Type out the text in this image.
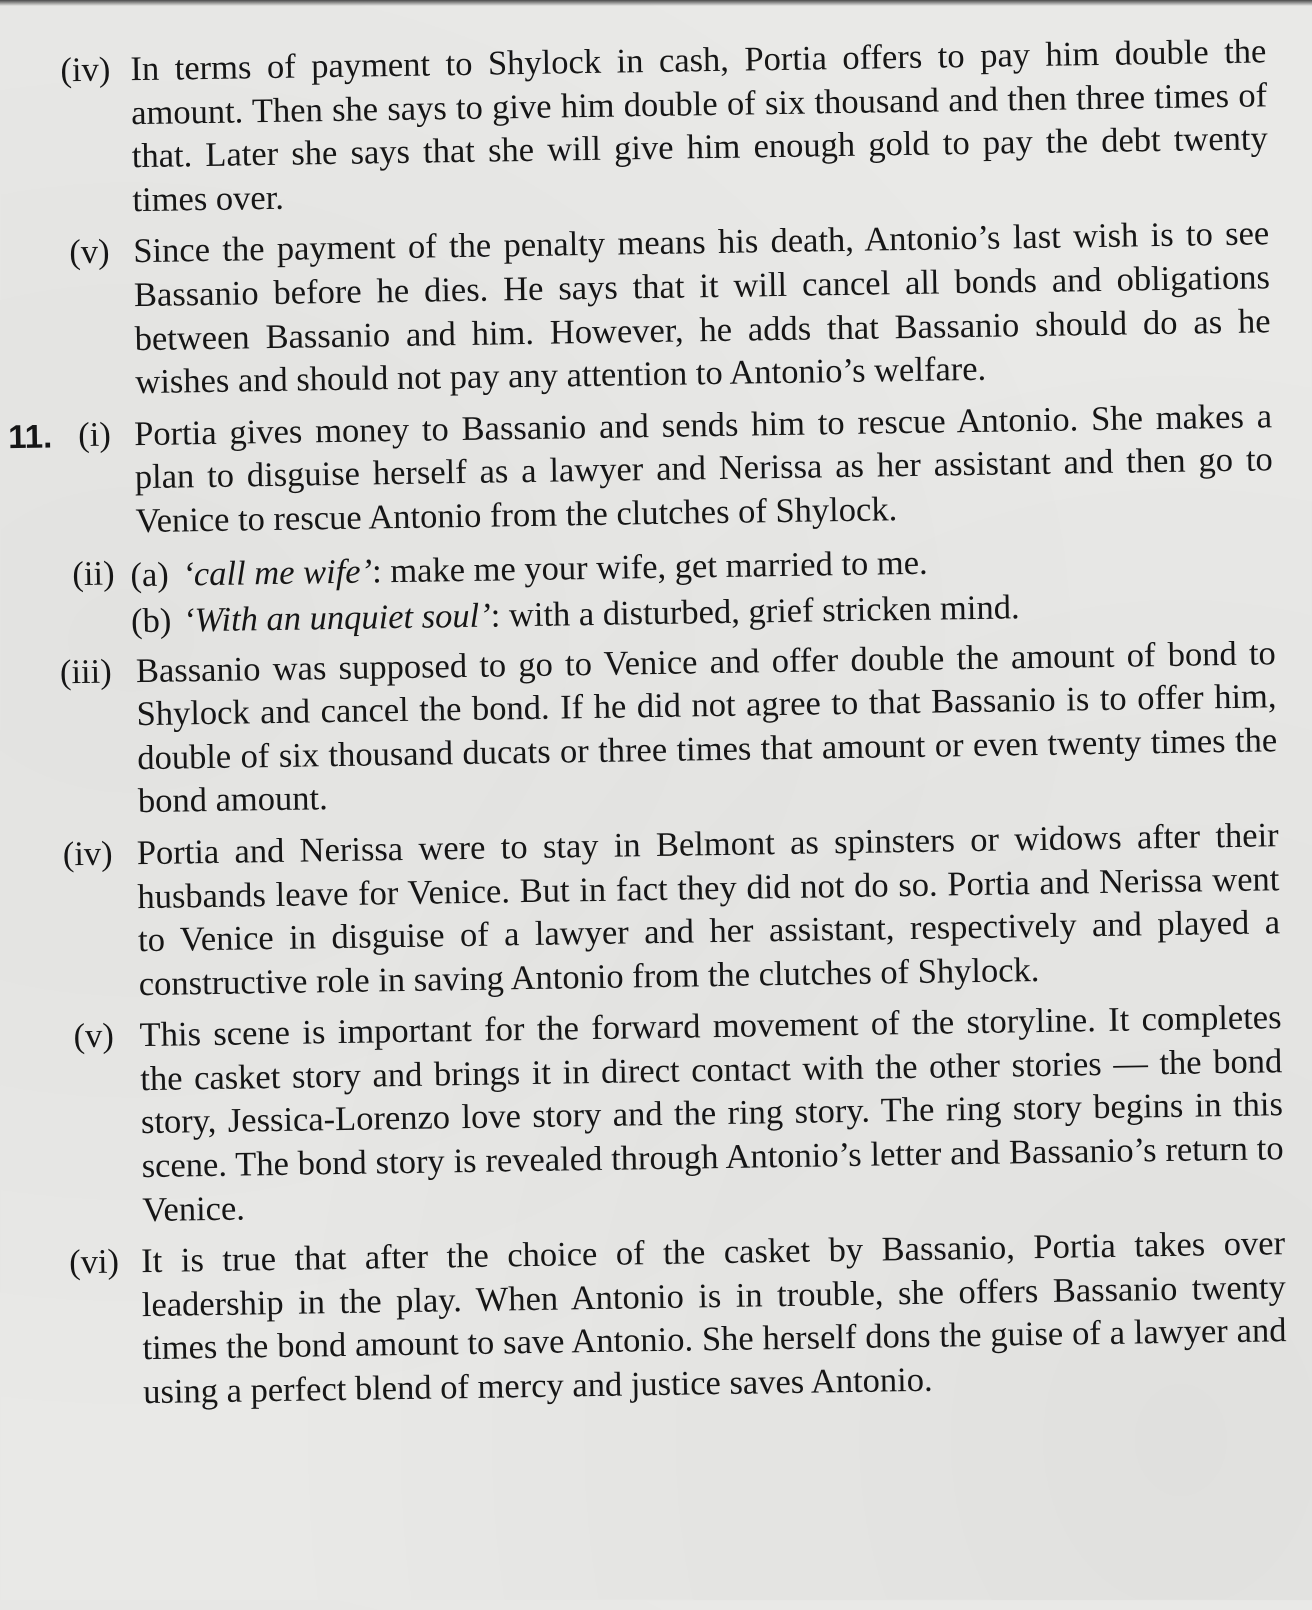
(iv) In terms of payment to Shylock in cash, Portia offers to pay him double the amount. Then she says to give him double of six thousand and then three times of that. Later she says that she will give him enough gold to pay the debt twenty times over.
(v) Since the payment of the penalty means his death, Antonio’s last wish is to see Bassanio before he dies. He says that it will cancel all bonds and obligations between Bassanio and him. However, he adds that Bassanio should do as he wishes and should not pay any attention to Antonio’s welfare.
11. (i) Portia gives money to Bassanio and sends him to rescue Antonio. She makes a plan to disguise herself as a lawyer and Nerissa as her assistant and then go to Venice to rescue Antonio from the clutches of Shylock.
(ii) (a) ‘call me wife’: make me your wife, get married to me.
(b) ‘With an unquiet soul’: with a disturbed, grief stricken mind.
(iii) Bassanio was supposed to go to Venice and offer double the amount of bond to Shylock and cancel the bond. If he did not agree to that Bassanio is to offer him, double of six thousand ducats or three times that amount or even twenty times the bond amount.
(iv) Portia and Nerissa were to stay in Belmont as spinsters or widows after their husbands leave for Venice. But in fact they did not do so. Portia and Nerissa went to Venice in disguise of a lawyer and her assistant, respectively and played a constructive role in saving Antonio from the clutches of Shylock.
(v) This scene is important for the forward movement of the storyline. It completes the casket story and brings it in direct contact with the other stories — the bond story, Jessica-Lorenzo love story and the ring story. The ring story begins in this scene. The bond story is revealed through Antonio’s letter and Bassanio’s return to Venice.
(vi) It is true that after the choice of the casket by Bassanio, Portia takes over leadership in the play. When Antonio is in trouble, she offers Bassanio twenty times the bond amount to save Antonio. She herself dons the guise of a lawyer and using a perfect blend of mercy and justice saves Antonio.
